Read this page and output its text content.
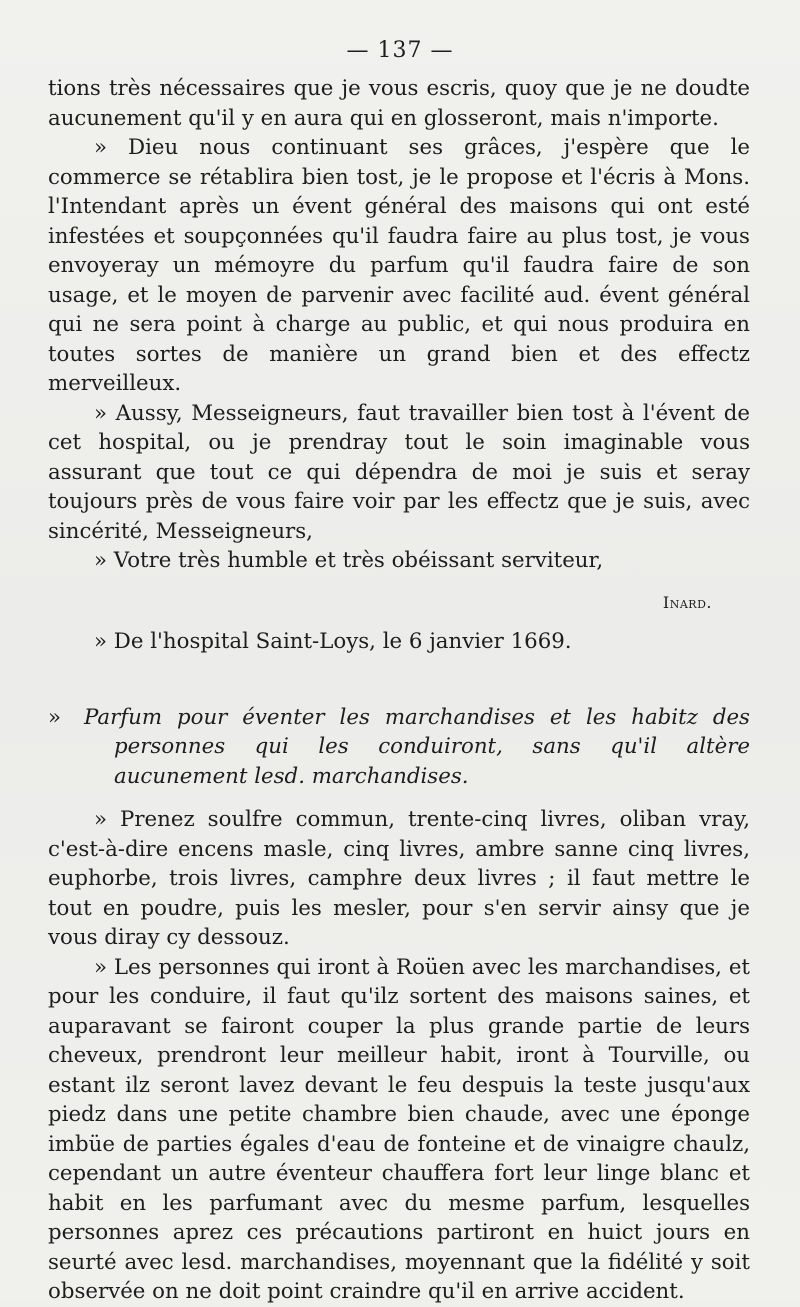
— 137 —

tions très nécessaires que je vous escris, quoy que je ne doudte aucunement qu'il y en aura qui en glosseront, mais n'importe.

» Dieu nous continuant ses grâces, j'espère que le commerce se rétablira bien tost, je le propose et l'écris à Mons. l'Intendant après un évent général des maisons qui ont esté infestées et soupçonnées qu'il faudra faire au plus tost, je vous envoyeray un mémoyre du parfum qu'il faudra faire de son usage, et le moyen de parvenir avec facilité aud. évent général qui ne sera point à charge au public, et qui nous produira en toutes sortes de manière un grand bien et des effectz merveilleux.

» Aussy, Messeigneurs, faut travailler bien tost à l'évent de cet hospital, ou je prendray tout le soin imaginable vous assurant que tout ce qui dépendra de moi je suis et seray toujours près de vous faire voir par les effectz que je suis, avec sincérité, Messeigneurs,

» Votre très humble et très obéissant serviteur,

Inard.

» De l'hospital Saint-Loys, le 6 janvier 1669.

» Parfum pour éventer les marchandises et les habitz des personnes qui les conduiront, sans qu'il altère aucunement lesd. marchandises.

» Prenez soulfre commun, trente-cinq livres, oliban vray, c'est-à-dire encens masle, cinq livres, ambre sanne cinq livres, euphorbe, trois livres, camphre deux livres ; il faut mettre le tout en poudre, puis les mesler, pour s'en servir ainsy que je vous diray cy dessouz.

» Les personnes qui iront à Roüen avec les marchandises, et pour les conduire, il faut qu'ilz sortent des maisons saines, et auparavant se fairont couper la plus grande partie de leurs cheveux, prendront leur meilleur habit, iront à Tourville, ou estant ilz seront lavez devant le feu despuis la teste jusqu'aux piedz dans une petite chambre bien chaude, avec une éponge imbüe de parties égales d'eau de fonteine et de vinaigre chaulz, cependant un autre éventeur chauffera fort leur linge blanc et habit en les parfumant avec du mesme parfum, lesquelles personnes aprez ces précautions partiront en huict jours en seurté avec lesd. marchandises, moyennant que la fidélité y soit observée on ne doit point craindre qu'il en arrive accident.
